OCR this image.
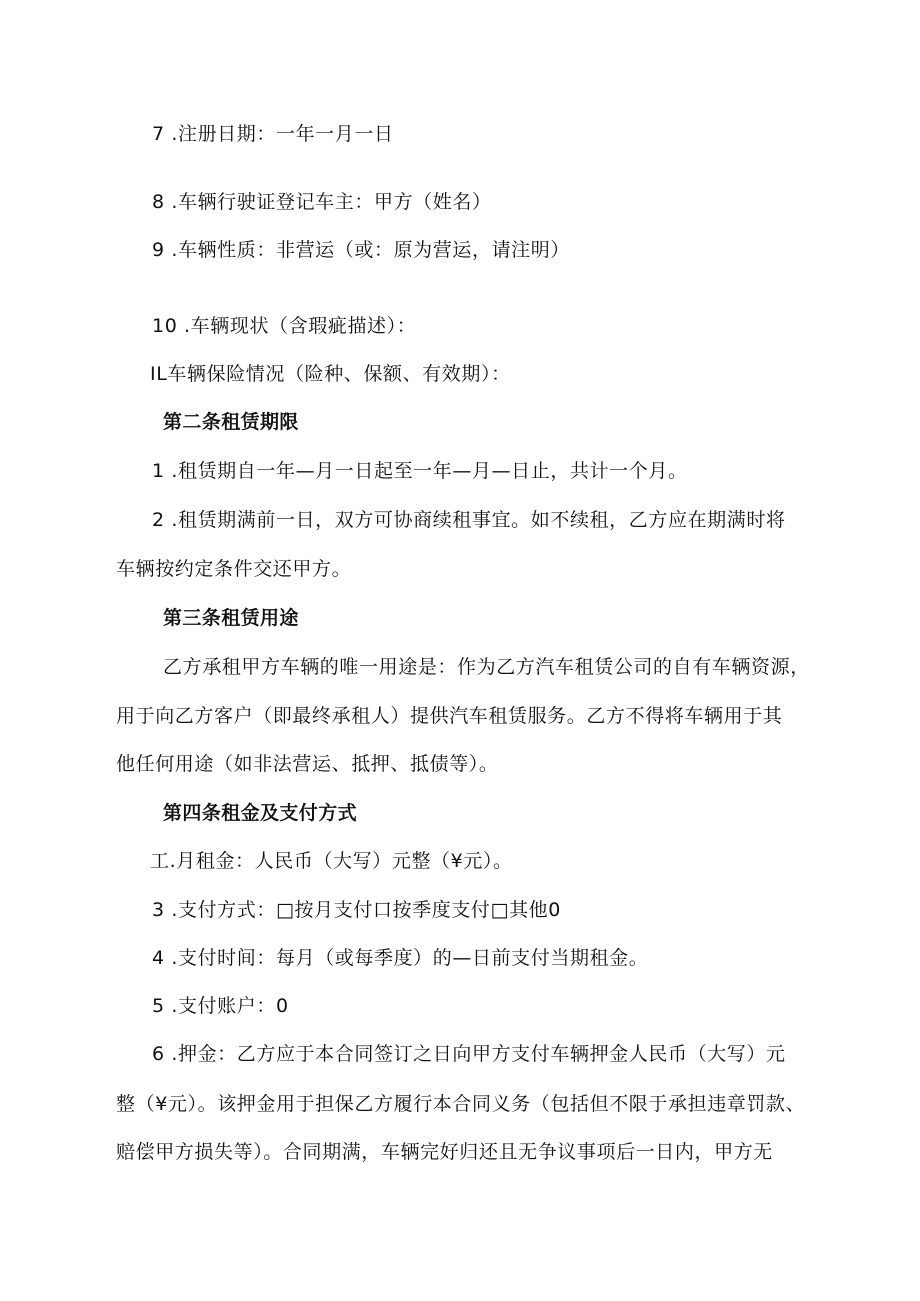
7 .注册日期：一年一月一日
8 .车辆行驶证登记车主：甲方（姓名）
9 .车辆性质：非营运（或：原为营运，请注明）
10 .车辆现状（含瑕疵描述）：
IL车辆保险情况（险种、保额、有效期）：
第二条租赁期限
1 .租赁期自一年—月一日起至一年—月—日止，共计一个月。
2 .租赁期满前一日，双方可协商续租事宜。如不续租，乙方应在期满时将
车辆按约定条件交还甲方。
第三条租赁用途
乙方承租甲方车辆的唯一用途是：作为乙方汽车租赁公司的自有车辆资源，
用于向乙方客户（即最终承租人）提供汽车租赁服务。乙方不得将车辆用于其
他任何用途（如非法营运、抵押、抵债等）。
第四条租金及支付方式
工.月租金：人民币（大写）元整（¥元）。
3 .支付方式：□按月支付口按季度支付□其他0
4 .支付时间：每月（或每季度）的—日前支付当期租金。
5 .支付账户：0
6 .押金：乙方应于本合同签订之日向甲方支付车辆押金人民币（大写）元
整（¥元）。该押金用于担保乙方履行本合同义务（包括但不限于承担违章罚款、
赔偿甲方损失等）。合同期满，车辆完好归还且无争议事项后一日内，甲方无
